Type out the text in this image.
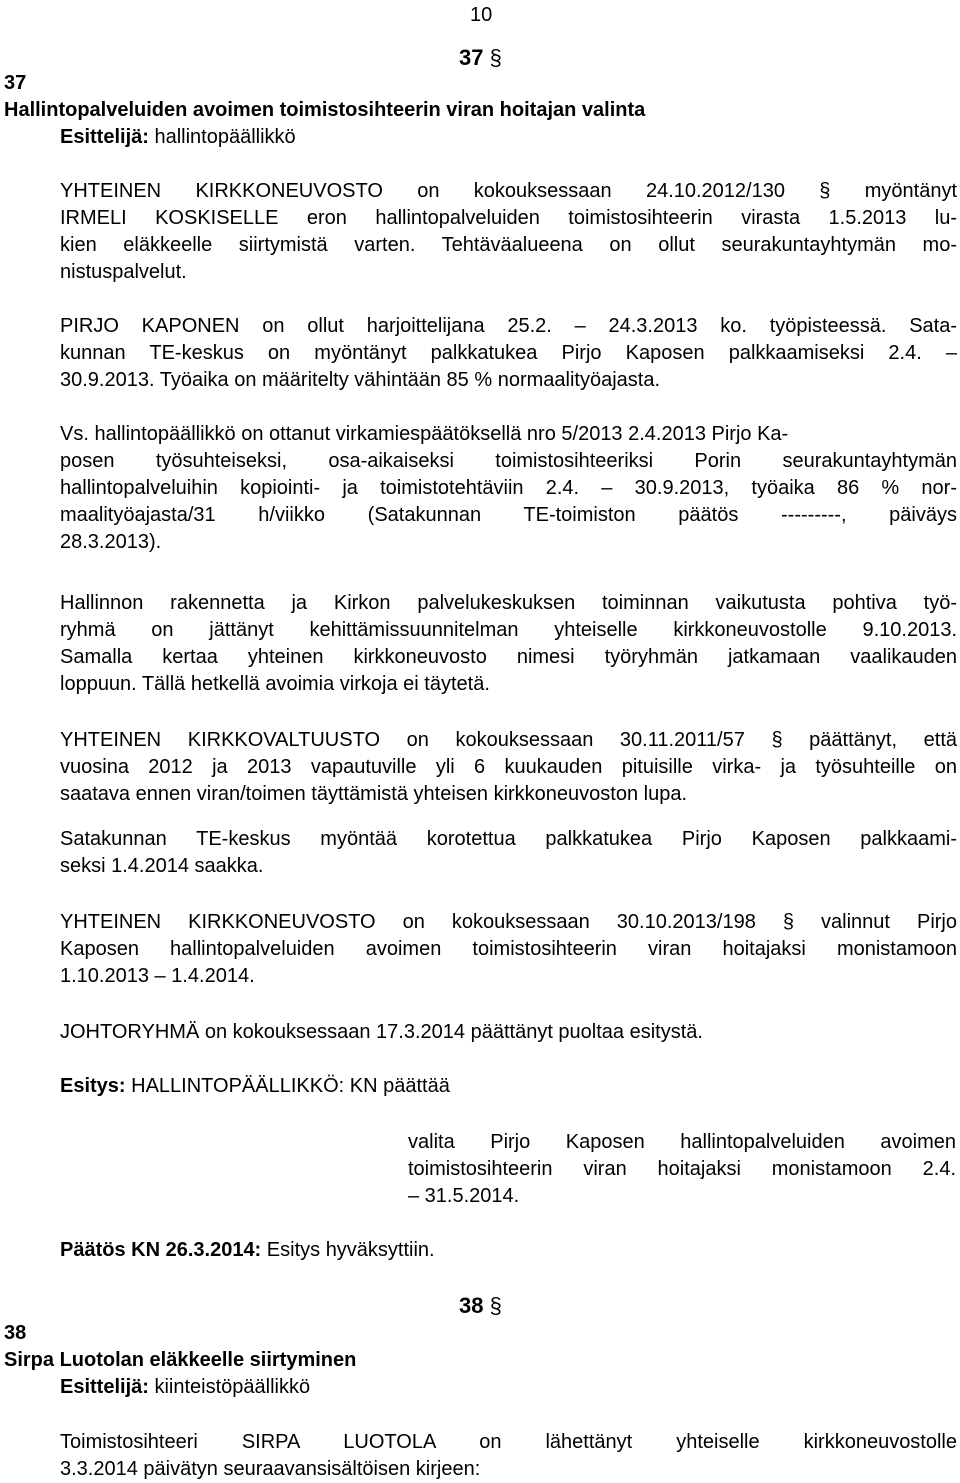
10
37 §
37
Hallintopalveluiden avoimen toimistosihteerin viran hoitajan valinta
Esittelijä: hallintopäällikkö
YHTEINEN KIRKKONEUVOSTO on kokouksessaan 24.10.2012/130 § myöntänyt
IRMELI KOSKISELLE eron hallintopalveluiden toimistosihteerin virasta 1.5.2013 lu-
kien eläkkeelle siirtymistä varten. Tehtäväalueena on ollut seurakuntayhtymän mo-
nistuspalvelut.
PIRJO KAPONEN on ollut harjoittelijana 25.2. – 24.3.2013 ko. työpisteessä. Sata-
kunnan TE-keskus on myöntänyt palkkatukea Pirjo Kaposen palkkaamiseksi 2.4. –
30.9.2013. Työaika on määritelty vähintään 85 % normaalityöajasta.
Vs. hallintopäällikkö on ottanut virkamiespäätöksellä nro 5/2013 2.4.2013 Pirjo Ka-
posen työsuhteiseksi, osa-aikaiseksi toimistosihteeriksi Porin seurakuntayhtymän
hallintopalveluihin kopiointi- ja toimistotehtäviin 2.4. – 30.9.2013, työaika 86 % nor-
maalityöajasta/31 h/viikko (Satakunnan TE-toimiston päätös ---------, päiväys
28.3.2013).
Hallinnon rakennetta ja Kirkon palvelukeskuksen toiminnan vaikutusta pohtiva työ-
ryhmä on jättänyt kehittämissuunnitelman yhteiselle kirkkoneuvostolle 9.10.2013.
Samalla kertaa yhteinen kirkkoneuvosto nimesi työryhmän jatkamaan vaalikauden
loppuun. Tällä hetkellä avoimia virkoja ei täytetä.
YHTEINEN KIRKKOVALTUUSTO on kokouksessaan 30.11.2011/57 § päättänyt, että
vuosina 2012 ja 2013 vapautuville yli 6 kuukauden pituisille virka- ja työsuhteille on
saatava ennen viran/toimen täyttämistä yhteisen kirkkoneuvoston lupa.
Satakunnan TE-keskus myöntää korotettua palkkatukea Pirjo Kaposen palkkaami-
seksi 1.4.2014 saakka.
YHTEINEN KIRKKONEUVOSTO on kokouksessaan 30.10.2013/198 § valinnut Pirjo
Kaposen hallintopalveluiden avoimen toimistosihteerin viran hoitajaksi monistamoon
1.10.2013 – 1.4.2014.
JOHTORYHMÄ on kokouksessaan 17.3.2014 päättänyt puoltaa esitystä.
Esitys: HALLINTOPÄÄLLIKKÖ: KN päättää
valita Pirjo Kaposen hallintopalveluiden avoimen
toimistosihteerin viran hoitajaksi monistamoon 2.4.
– 31.5.2014.
Päätös KN 26.3.2014: Esitys hyväksyttiin.
38 §
38
Sirpa Luotolan eläkkeelle siirtyminen
Esittelijä: kiinteistöpäällikkö
Toimistosihteeri SIRPA LUOTOLA on lähettänyt yhteiselle kirkkoneuvostolle
3.3.2014 päivätyn seuraavansisältöisen kirjeen:
